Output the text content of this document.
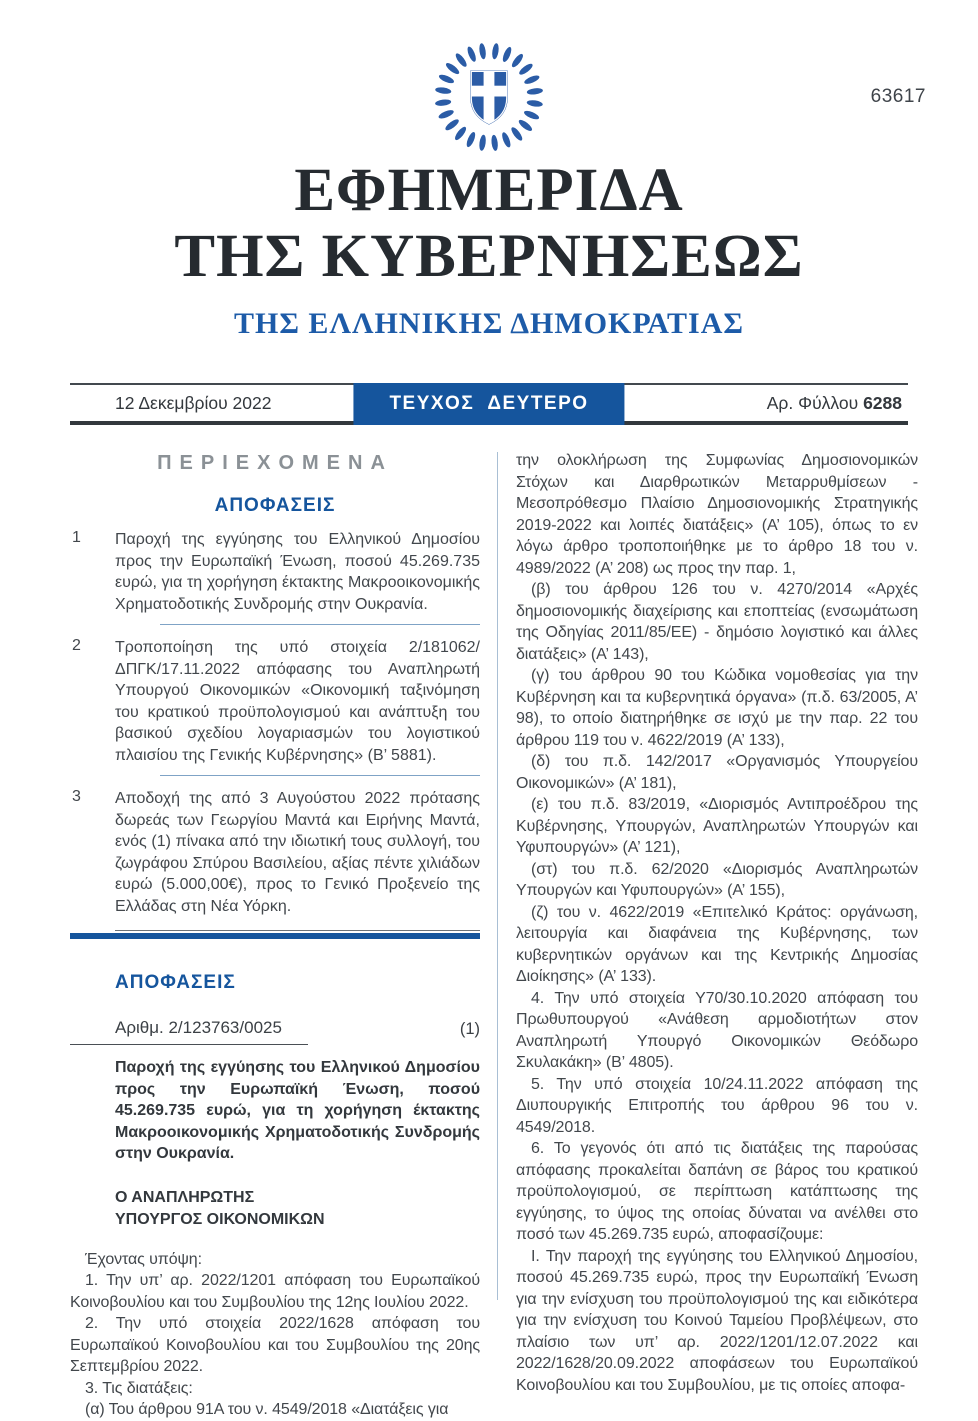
63617
ΕΦΗΜΕΡΙΔΑ
ΤΗΣ ΚΥΒΕΡΝΗΣΕΩΣ
ΤΗΣ ΕΛΛΗΝΙΚΗΣ ΔΗΜΟΚΡΑΤΙΑΣ
12 Δεκεμβρίου 2022	ΤΕΥΧΟΣ ΔΕΥΤΕΡΟ	Αρ. Φύλλου 6288
ΠΕΡΙΕΧΟΜΕΝΑ
ΑΠΟΦΑΣΕΙΣ
1 Παροχή της εγγύησης του Ελληνικού Δημοσίου προς την Ευρωπαϊκή Ένωση, ποσού 45.269.735 ευρώ, για τη χορήγηση έκτακτης Μακροοικονομικής Χρηματοδοτικής Συνδρομής στην Ουκρανία.
2 Τροποποίηση της υπό στοιχεία 2/181062/ΔΠΓΚ/17.11.2022 απόφασης του Αναπληρωτή Υπουργού Οικονομικών «Οικονομική ταξινόμηση του κρατικού προϋπολογισμού και ανάπτυξη του βασικού σχεδίου λογαριασμών του λογιστικού πλαισίου της Γενικής Κυβέρνησης» (Β’ 5881).
3 Αποδοχή της από 3 Αυγούστου 2022 πρότασης δωρεάς των Γεωργίου Μαντά και Ειρήνης Μαντά, ενός (1) πίνακα από την ιδιωτική τους συλλογή, του ζωγράφου Σπύρου Βασιλείου, αξίας πέντε χιλιάδων ευρώ (5.000,00€), προς το Γενικό Προξενείο της Ελλάδας στη Νέα Υόρκη.
ΑΠΟΦΑΣΕΙΣ
Αριθμ. 2/123763/0025	(1)
Παροχή της εγγύησης του Ελληνικού Δημοσίου προς την Ευρωπαϊκή Ένωση, ποσού 45.269.735 ευρώ, για τη χορήγηση έκτακτης Μακροοικονομικής Χρηματοδοτικής Συνδρομής στην Ουκρανία.
Ο ΑΝΑΠΛΗΡΩΤΗΣ
ΥΠΟΥΡΓΟΣ ΟΙΚΟΝΟΜΙΚΩΝ

Έχοντας υπόψη:

1. Την υπ’ αρ. 2022/1201 απόφαση του Ευρωπαϊκού Κοινοβουλίου και του Συμβουλίου της 12ης Ιουλίου 2022.

2. Την υπό στοιχεία 2022/1628 απόφαση του Ευρωπαϊκού Κοινοβουλίου και του Συμβουλίου της 20ης Σεπτεμβρίου 2022.

3. Τις διατάξεις:

(α) Του άρθρου 91Α του ν. 4549/2018 «Διατάξεις για

την ολοκλήρωση της Συμφωνίας Δημοσιονομικών Στόχων και Διαρθρωτικών Μεταρρυθμίσεων - Μεσοπρόθεσμο Πλαίσιο Δημοσιονομικής Στρατηγικής 2019-2022 και λοιπές διατάξεις» (Α’ 105), όπως το εν λόγω άρθρο τροποποιήθηκε με το άρθρο 18 του ν. 4989/2022 (Α’ 208) ως προς την παρ. 1,

(β) του άρθρου 126 του ν. 4270/2014 «Αρχές δημοσιονομικής διαχείρισης και εποπτείας (ενσωμάτωση της Οδηγίας 2011/85/ΕΕ) - δημόσιο λογιστικό και άλλες διατάξεις» (Α’ 143),

(γ) του άρθρου 90 του Κώδικα νομοθεσίας για την Κυβέρνηση και τα κυβερνητικά όργανα» (π.δ. 63/2005, Α’ 98), το οποίο διατηρήθηκε σε ισχύ με την παρ. 22 του άρθρου 119 του ν. 4622/2019 (Α’ 133),

(δ) του π.δ. 142/2017 «Οργανισμός Υπουργείου Οικονομικών» (Α’ 181),

(ε) του π.δ. 83/2019, «Διορισμός Αντιπροέδρου της Κυβέρνησης, Υπουργών, Αναπληρωτών Υπουργών και Υφυπουργών» (Α’ 121),

(στ) του π.δ. 62/2020 «Διορισμός Αναπληρωτών Υπουργών και Υφυπουργών» (Α’ 155),

(ζ) του ν. 4622/2019 «Επιτελικό Κράτος: οργάνωση, λειτουργία και διαφάνεια της Κυβέρνησης, των κυβερνητικών οργάνων και της Κεντρικής Δημοσίας Διοίκησης» (Α’ 133).

4. Την υπό στοιχεία Υ70/30.10.2020 απόφαση του Πρωθυπουργού «Ανάθεση αρμοδιοτήτων στον Αναπληρωτή Υπουργό Οικονομικών Θεόδωρο Σκυλακάκη» (Β’ 4805).

5. Την υπό στοιχεία 10/24.11.2022 απόφαση της Διυπουργικής Επιτροπής του άρθρου 96 του ν. 4549/2018.

6. Το γεγονός ότι από τις διατάξεις της παρούσας απόφασης προκαλείται δαπάνη σε βάρος του κρατικού προϋπολογισμού, σε περίπτωση κατάπτωσης της εγγύησης, το ύψος της οποίας δύναται να ανέλθει στο ποσό των 45.269.735 ευρώ, αποφασίζουμε:

I. Την παροχή της εγγύησης του Ελληνικού Δημοσίου, ποσού 45.269.735 ευρώ, προς την Ευρωπαϊκή Ένωση για την ενίσχυση του προϋπολογισμού της και ειδικότερα για την ενίσχυση του Κοινού Ταμείου Προβλέψεων, στο πλαίσιο των υπ’ αρ. 2022/1201/12.07.2022 και 2022/1628/20.09.2022 αποφάσεων του Ευρωπαϊκού Κοινοβουλίου και του Συμβουλίου, με τις οποίες αποφα-
